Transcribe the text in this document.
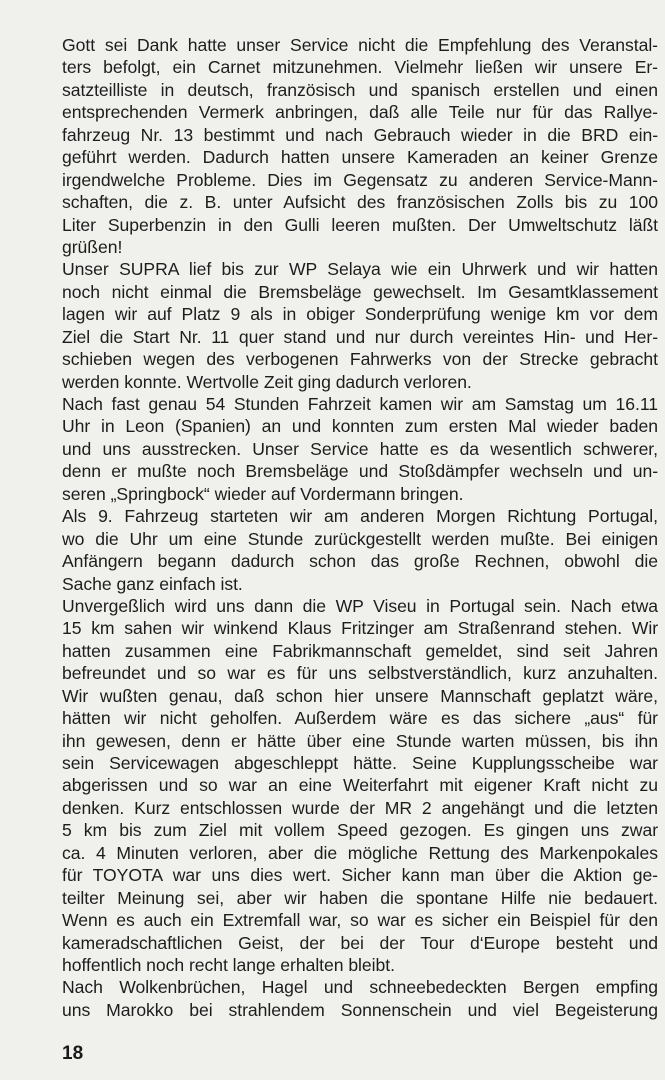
Gott sei Dank hatte unser Service nicht die Empfehlung des Veranstal-
ters befolgt, ein Carnet mitzunehmen. Vielmehr ließen wir unsere Er-
satzteilliste in deutsch, französisch und spanisch erstellen und einen
entsprechenden Vermerk anbringen, daß alle Teile nur für das Rallye-
fahrzeug Nr. 13 bestimmt und nach Gebrauch wieder in die BRD ein-
geführt werden. Dadurch hatten unsere Kameraden an keiner Grenze
irgendwelche Probleme. Dies im Gegensatz zu anderen Service-Mann-
schaften, die z. B. unter Aufsicht des französischen Zolls bis zu 100
Liter Superbenzin in den Gulli leeren mußten. Der Umweltschutz läßt
grüßen!

Unser SUPRA lief bis zur WP Selaya wie ein Uhrwerk und wir hatten
noch nicht einmal die Bremsbeläge gewechselt. Im Gesamtklassement
lagen wir auf Platz 9 als in obiger Sonderprüfung wenige km vor dem
Ziel die Start Nr. 11 quer stand und nur durch vereintes Hin- und Her-
schieben wegen des verbogenen Fahrwerks von der Strecke gebracht
werden konnte. Wertvolle Zeit ging dadurch verloren.

Nach fast genau 54 Stunden Fahrzeit kamen wir am Samstag um 16.11
Uhr in Leon (Spanien) an und konnten zum ersten Mal wieder baden
und uns ausstrecken. Unser Service hatte es da wesentlich schwerer,
denn er mußte noch Bremsbeläge und Stoßdämpfer wechseln und un-
seren „Springbock“ wieder auf Vordermann bringen.

Als 9. Fahrzeug starteten wir am anderen Morgen Richtung Portugal,
wo die Uhr um eine Stunde zurückgestellt werden mußte. Bei einigen
Anfängern begann dadurch schon das große Rechnen, obwohl die
Sache ganz einfach ist.

Unvergeßlich wird uns dann die WP Viseu in Portugal sein. Nach etwa
15 km sahen wir winkend Klaus Fritzinger am Straßenrand stehen. Wir
hatten zusammen eine Fabrikmannschaft gemeldet, sind seit Jahren
befreundet und so war es für uns selbstverständlich, kurz anzuhalten.
Wir wußten genau, daß schon hier unsere Mannschaft geplatzt wäre,
hätten wir nicht geholfen. Außerdem wäre es das sichere „aus“ für
ihn gewesen, denn er hätte über eine Stunde warten müssen, bis ihn
sein Servicewagen abgeschleppt hätte. Seine Kupplungsscheibe war
abgerissen und so war an eine Weiterfahrt mit eigener Kraft nicht zu
denken. Kurz entschlossen wurde der MR 2 angehängt und die letzten
5 km bis zum Ziel mit vollem Speed gezogen. Es gingen uns zwar
ca. 4 Minuten verloren, aber die mögliche Rettung des Markenpokales
für TOYOTA war uns dies wert. Sicher kann man über die Aktion ge-
teilter Meinung sei, aber wir haben die spontane Hilfe nie bedauert.
Wenn es auch ein Extremfall war, so war es sicher ein Beispiel für den
kameradschaftlichen Geist, der bei der Tour d‘Europe besteht und
hoffentlich noch recht lange erhalten bleibt.

Nach Wolkenbrüchen, Hagel und schneebedeckten Bergen empfing
uns Marokko bei strahlendem Sonnenschein und viel Begeisterung

18
